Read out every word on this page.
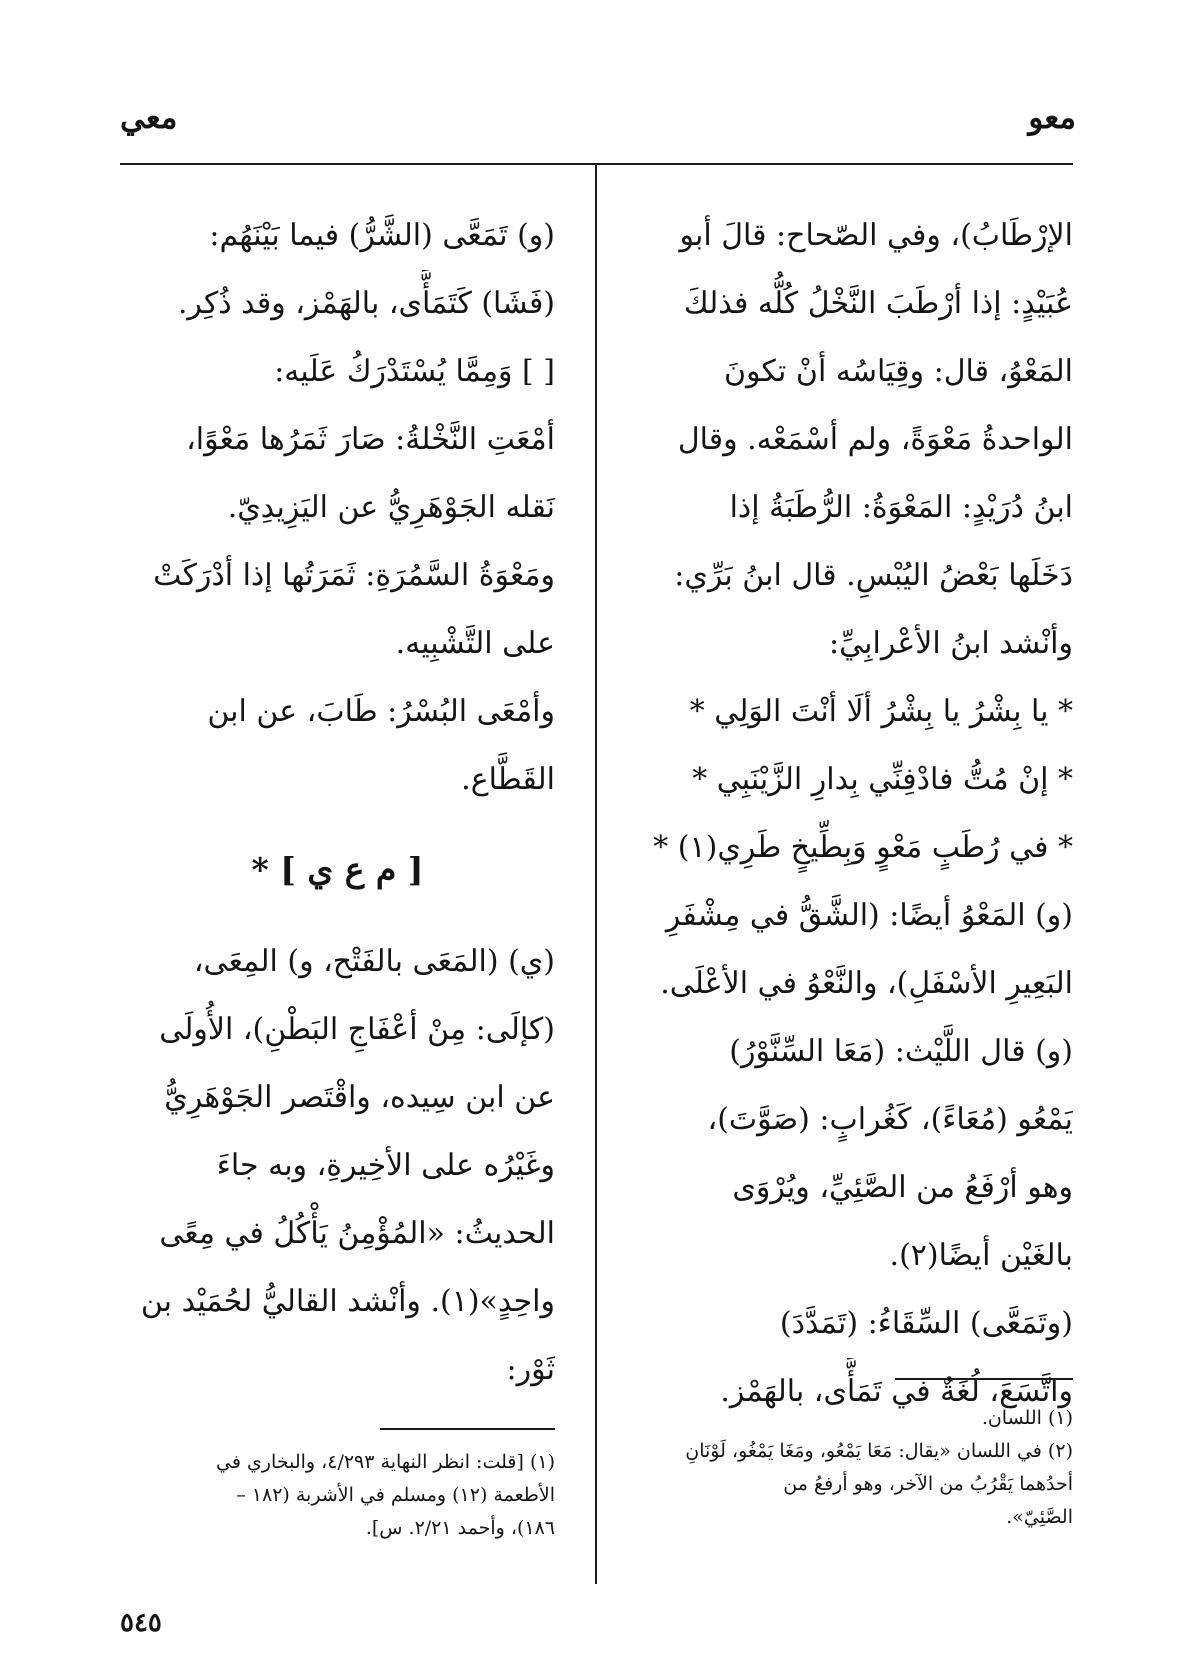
معو
معي
الإرْطَابُ)، وفي الصّحاح: قالَ أبو
عُبَيْدٍ: إذا أرْطَبَ النَّخْلُ كُلُّه فذلكَ
المَعْوُ، قال: وقِيَاسُه أنْ تكونَ
الواحدةُ مَعْوَةً، ولم أسْمَعْه. وقال
ابنُ دُرَيْدٍ: المَعْوَةُ: الرُّطَبَةُ إذا
دَخَلَها بَعْضُ اليُبْسِ. قال ابنُ بَرِّي:
وأنْشد ابنُ الأعْرابِيِّ:
* يا بِشْرُ يا بِشْرُ ألَا أنْتَ الوَلِي *
* إنْ مُتُّ فادْفِنِّي بِدارِ الزَّيْنَبِي *
* في رُطَبٍ مَعْوٍ وَبِطِّيخٍ طَرِي(١) *
(و) المَعْوُ أيضًا: (الشَّقُّ في مِشْفَرِ
البَعِيرِ الأسْفَلِ)، والنَّعْوُ في الأعْلَى.
(و) قال اللَّيْث: (مَعَا السِّنَّوْرُ)
يَمْعُو (مُعَاءً)، كَغُرابٍ: (صَوَّتَ)،
وهو أرْفَعُ من الصَّئِيِّ، ويُرْوَى
بالغَيْن أيضًا(٢).
(وتَمَعَّى) السِّقَاءُ: (تَمَدَّدَ)
واتَّسَعَ، لُغَةٌ في تَمَأَّى، بالهَمْز.
(و) تَمَعَّى (الشَّرُّ) فيما بَيْنَهُم:
(فَشَا) كَتَمَأَّى، بالهَمْز، وقد ذُكِر.
[ ] وَمِمَّا يُسْتَدْرَكُ عَلَيه:
أمْعَتِ النَّخْلةُ: صَارَ ثَمَرُها مَعْوًا،
نَقله الجَوْهَرِيُّ عن اليَزِيدِيّ.
ومَعْوَةُ السَّمُرَةِ: ثَمَرَتُها إذا أدْرَكَتْ
على التَّشْبِيه.
وأمْعَى البُسْرُ: طَابَ، عن ابن
القَطَّاع.
[ م ع ي ] *
(ي) (المَعَى بالفَتْح، و) المِعَى،
(كإلَى: مِنْ أعْفَاجِ البَطْنِ)، الأُولَى
عن ابن سِيده، واقْتَصر الجَوْهَرِيُّ
وغَيْرُه على الأخِيرةِ، وبه جاءَ
الحديثُ: «المُؤْمِنُ يَأْكُلُ في مِعًى
واحِدٍ»(١). وأنْشد القاليُّ لحُمَيْد بن
ثَوْر:
(١) اللسان.
(٢) في اللسان «يقال: مَعَا يَمْعُو، ومَغَا يَمْغُو، لَوْنَانِ
أحدُهما يَقْرُبُ من الآخر، وهو أرفعُ من
الصَّئِيّ».
(١) [قلت: انظر النهاية ٤/٢٩٣، والبخاري في
الأطعمة (١٢) ومسلم في الأشربة (١٨٢ –
١٨٦)، وأحمد ٢/٢١. س].
٥٤٥
